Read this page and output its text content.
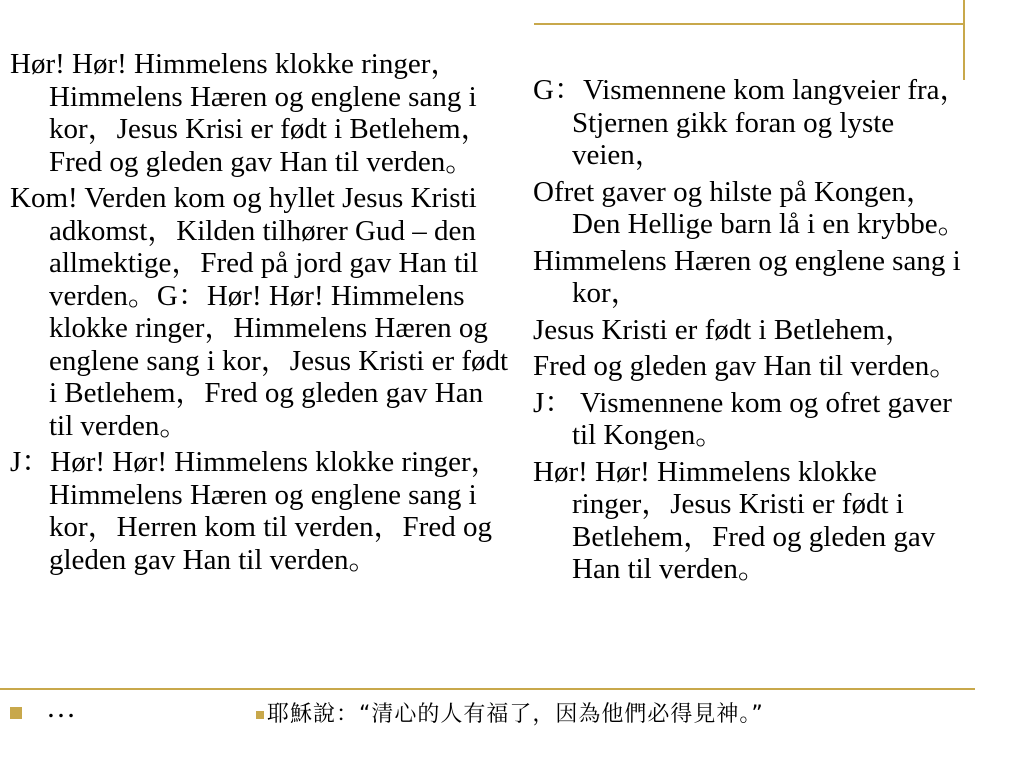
Hør! Hør! Himmelens klokke ringer，Himmelens Hæren og englene sang i kor，Jesus Krisi er født i Betlehem，Fred og gleden gav Han til verden。

Kom! Verden kom og hyllet Jesus Kristi adkomst，Kilden tilhører Gud – den allmektige，Fred på jord gav Han til verden。G：Hør! Hør! Himmelens klokke ringer，Himmelens Hæren og englene sang i kor，Jesus Kristi er født i Betlehem，Fred og gleden gav Han til verden。

J：Hør! Hør! Himmelens klokke ringer，Himmelens Hæren og englene sang i kor，Herren kom til verden，Fred og gleden gav Han til verden。

G：Vismennene kom langveier fra，Stjernen gikk foran og lyste veien，

Ofret gaver og hilste på Kongen，Den Hellige barn lå i en krybbe。

Himmelens Hæren og englene sang i kor，

Jesus Kristi er født i Betlehem，

Fred og gleden gav Han til verden。

J： Vismennene kom og ofret gaver til Kongen。

Hør! Hør! Himmelens klokke ringer，Jesus Kristi er født i Betlehem，Fred og gleden gav Han til verden。

…	耶穌說：“清心的人有福了，因為他們必得見神。”
